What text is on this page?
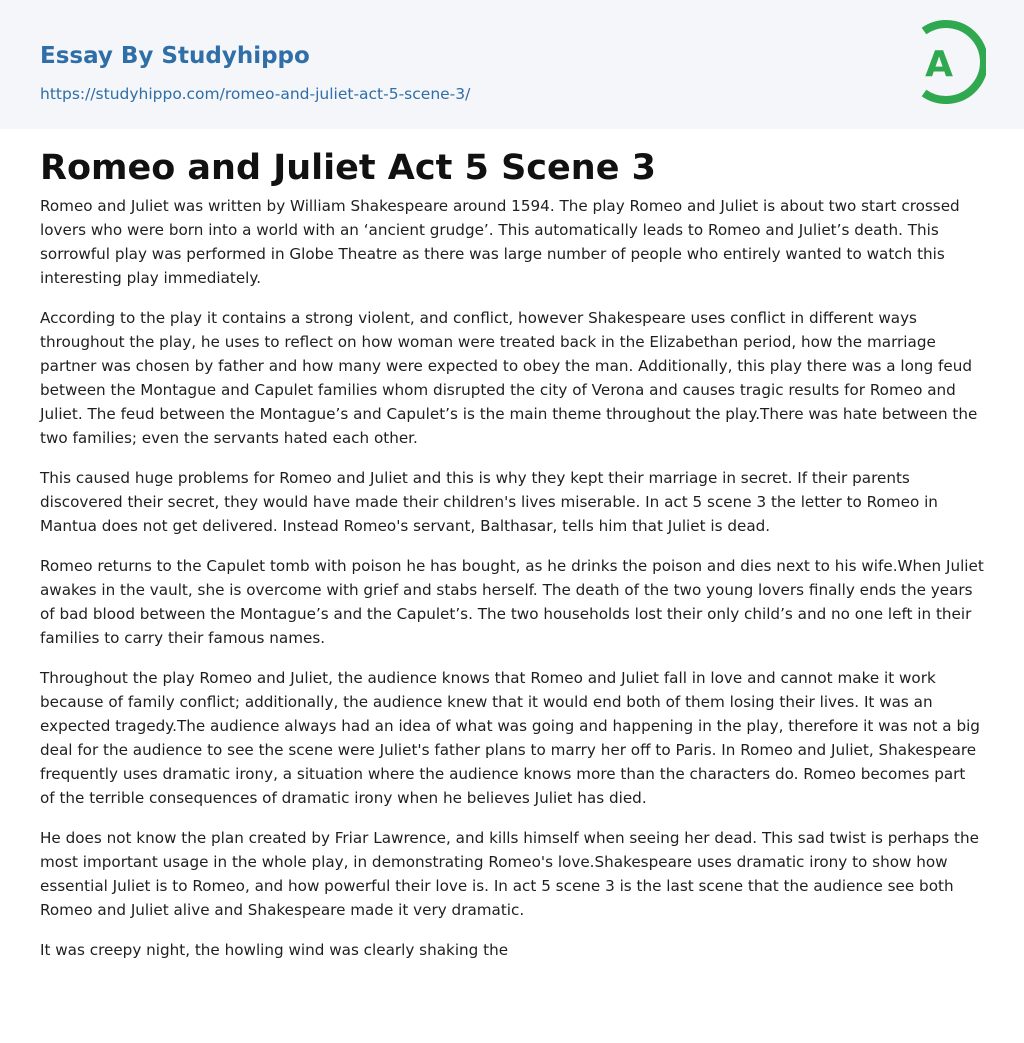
Essay By Studyhippo
https://studyhippo.com/romeo-and-juliet-act-5-scene-3/
A
Romeo and Juliet Act 5 Scene 3

Romeo and Juliet was written by William Shakespeare around 1594. The play Romeo and Juliet is about two start crossed lovers who were born into a world with an ‘ancient grudge’. This automatically leads to Romeo and Juliet’s death. This sorrowful play was performed in Globe Theatre as there was large number of people who entirely wanted to watch this interesting play immediately.

According to the play it contains a strong violent, and conflict, however Shakespeare uses conflict in different ways throughout the play, he uses to reflect on how woman were treated back in the Elizabethan period, how the marriage partner was chosen by father and how many were expected to obey the man. Additionally, this play there was a long feud between the Montague and Capulet families whom disrupted the city of Verona and causes tragic results for Romeo and Juliet. The feud between the Montague’s and Capulet’s is the main theme throughout the play.There was hate between the two families; even the servants hated each other.

This caused huge problems for Romeo and Juliet and this is why they kept their marriage in secret. If their parents discovered their secret, they would have made their children's lives miserable. In act 5 scene 3 the letter to Romeo in Mantua does not get delivered. Instead Romeo's servant, Balthasar, tells him that Juliet is dead.

Romeo returns to the Capulet tomb with poison he has bought, as he drinks the poison and dies next to his wife.When Juliet awakes in the vault, she is overcome with grief and stabs herself. The death of the two young lovers finally ends the years of bad blood between the Montague’s and the Capulet’s. The two households lost their only child’s and no one left in their families to carry their famous names.

Throughout the play Romeo and Juliet, the audience knows that Romeo and Juliet fall in love and cannot make it work because of family conflict; additionally, the audience knew that it would end both of them losing their lives. It was an expected tragedy.The audience always had an idea of what was going and happening in the play, therefore it was not a big deal for the audience to see the scene were Juliet's father plans to marry her off to Paris. In Romeo and Juliet, Shakespeare frequently uses dramatic irony, a situation where the audience knows more than the characters do. Romeo becomes part of the terrible consequences of dramatic irony when he believes Juliet has died.

He does not know the plan created by Friar Lawrence, and kills himself when seeing her dead. This sad twist is perhaps the most important usage in the whole play, in demonstrating Romeo's love.Shakespeare uses dramatic irony to show how essential Juliet is to Romeo, and how powerful their love is. In act 5 scene 3 is the last scene that the audience see both Romeo and Juliet alive and Shakespeare made it very dramatic.

It was creepy night, the howling wind was clearly shaking the
